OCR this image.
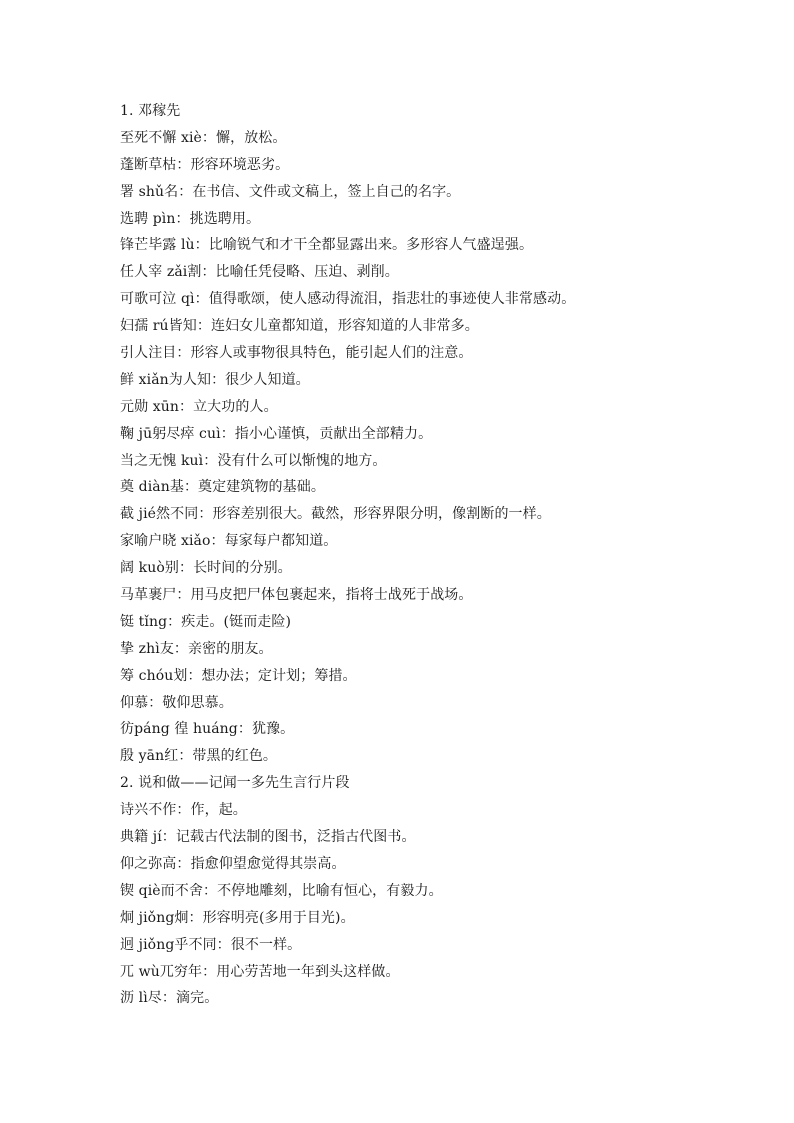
1. 邓稼先
至死不懈 xiè：懈，放松。
蓬断草枯：形容环境恶劣。
署 shǔ名：在书信、文件或文稿上，签上自己的名字。
选聘 pìn：挑选聘用。
锋芒毕露 lù：比喻锐气和才干全都显露出来。多形容人气盛逞强。
任人宰 zǎi割：比喻任凭侵略、压迫、剥削。
可歌可泣 qì：值得歌颂，使人感动得流泪，指悲壮的事迹使人非常感动。
妇孺 rú皆知：连妇女儿童都知道，形容知道的人非常多。
引人注目：形容人或事物很具特色，能引起人们的注意。
鲜 xiǎn为人知：很少人知道。
元勋 xūn：立大功的人。
鞠 jū躬尽瘁 cuì：指小心谨慎，贡献出全部精力。
当之无愧 kuì：没有什么可以惭愧的地方。
奠 diàn基：奠定建筑物的基础。
截 jié然不同：形容差别很大。截然，形容界限分明，像割断的一样。
家喻户晓 xiǎo：每家每户都知道。
阔 kuò别：长时间的分别。
马革裹尸：用马皮把尸体包裹起来，指将士战死于战场。
铤 tǐng：疾走。(铤而走险)
挚 zhì友：亲密的朋友。
筹 chóu划：想办法；定计划；筹措。
仰慕：敬仰思慕。
彷páng 徨 huáng：犹豫。
殷 yān红：带黑的红色。
2. 说和做——记闻一多先生言行片段
诗兴不作：作，起。
典籍 jí：记载古代法制的图书，泛指古代图书。
仰之弥高：指愈仰望愈觉得其崇高。
锲 qiè而不舍：不停地雕刻，比喻有恒心，有毅力。
炯 jiǒng炯：形容明亮(多用于目光)。
迥 jiǒng乎不同：很不一样。
兀 wù兀穷年：用心劳苦地一年到头这样做。
沥 lì尽：滴完。
